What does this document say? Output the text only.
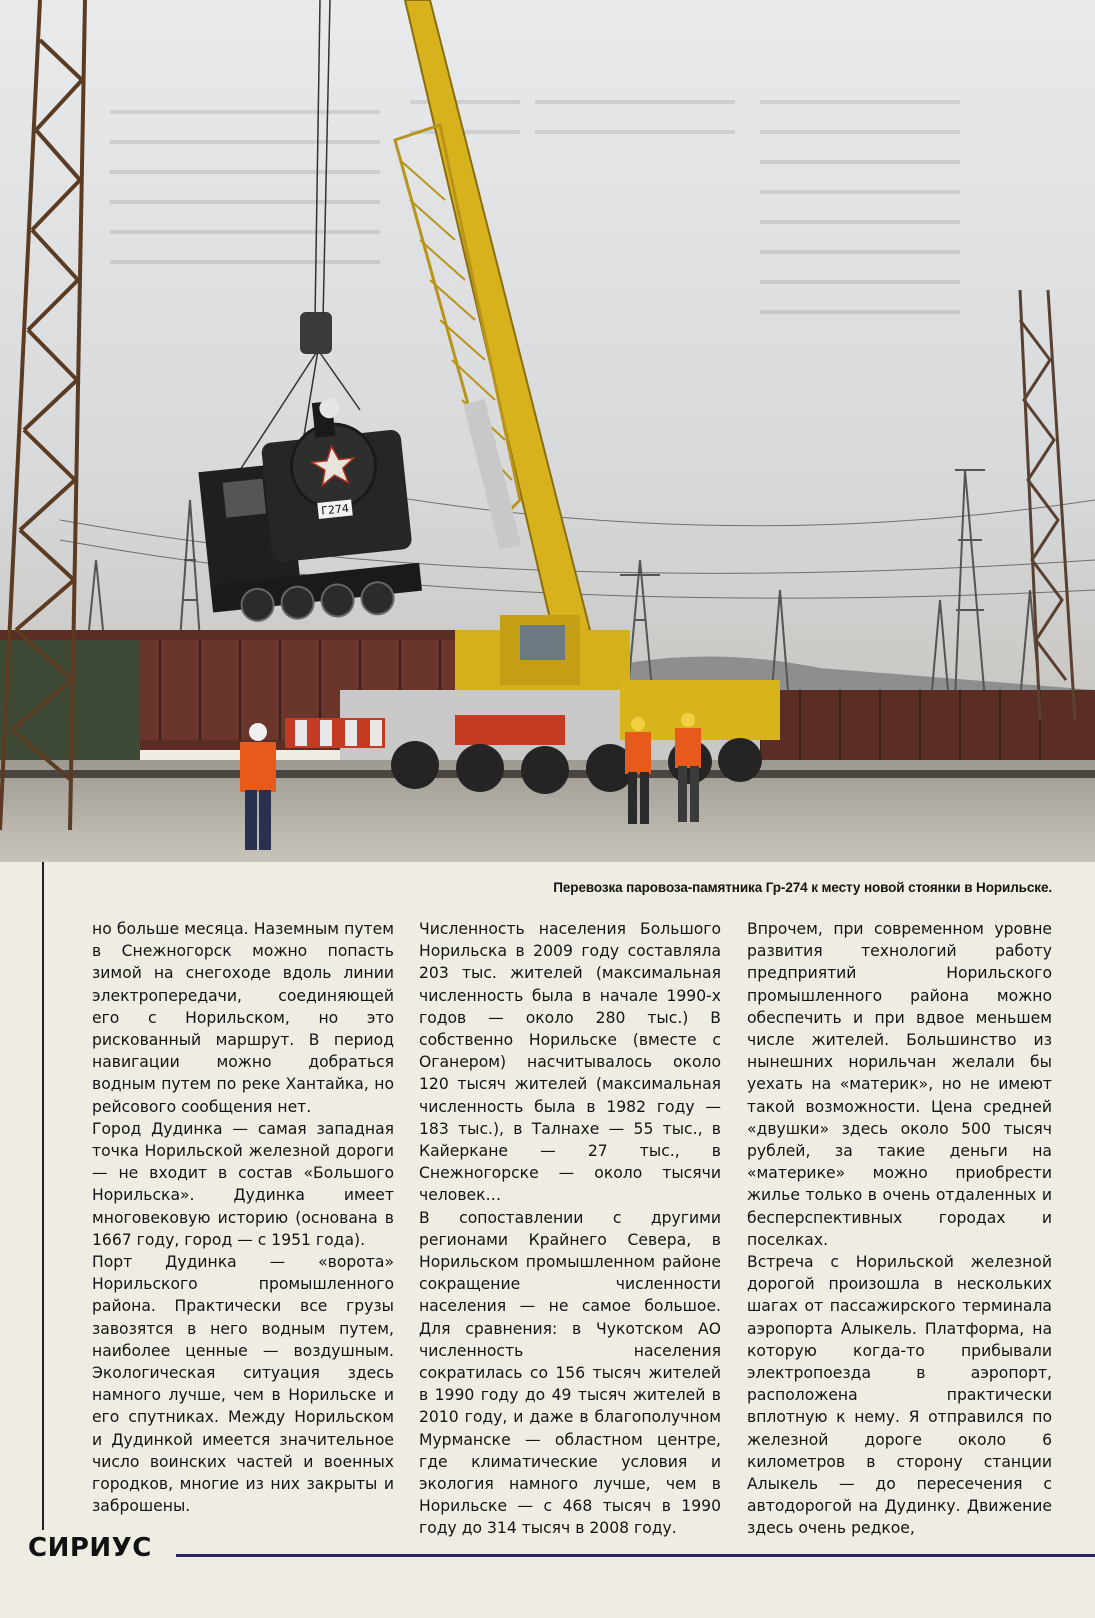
Г274
Перевозка паровоза-памятника Гр-274 к месту новой стоянки в Норильске.

но больше месяца. Наземным путем в Снежногорск можно попасть зимой на снегоходе вдоль линии электропередачи, соединяющей его с Норильском, но это рискованный маршрут. В период навигации можно добраться водным путем по реке Хантайка, но рейсового сообщения нет.

Город Дудинка — самая западная точка Норильской железной дороги — не входит в состав «Большого Норильска». Дудинка имеет многовековую историю (основана в 1667 году, город — с 1951 года).

Порт Дудинка — «ворота» Норильского промышленного района. Практически все грузы завозятся в него водным путем, наиболее ценные — воздушным. Экологическая ситуация здесь намного лучше, чем в Норильске и его спутниках. Между Норильском и Дудинкой имеется значительное число воинских частей и военных городков, многие из них закрыты и заброшены.

Численность населения Большого Норильска в 2009 году составляла 203 тыс. жителей (максимальная численность была в начале 1990-х годов — около 280 тыс.) В собственно Норильске (вместе с Оганером) насчитывалось около 120 тысяч жителей (максимальная численность была в 1982 году — 183 тыс.), в Талнахе — 55 тыс., в Кайеркане — 27 тыс., в Снежногорске — около тысячи человек…

В сопоставлении с другими регионами Крайнего Севера, в Норильском промышленном районе сокращение численности населения — не самое большое. Для сравнения: в Чукотском АО численность населения сократилась со 156 тысяч жителей в 1990 году до 49 тысяч жителей в 2010 году, и даже в благополучном Мурманске — областном центре, где климатические условия и экология намного лучше, чем в Норильске — с 468 тысяч в 1990 году до 314 тысяч в 2008 году.

Впрочем, при современном уровне развития технологий работу предприятий Норильского промышленного района можно обеспечить и при вдвое меньшем числе жителей. Большинство из нынешних норильчан желали бы уехать на «материк», но не имеют такой возможности. Цена средней «двушки» здесь около 500 тысяч рублей, за такие деньги на «материке» можно приобрести жилье только в очень отдаленных и бесперспективных городах и поселках.

Встреча с Норильской железной дорогой произошла в нескольких шагах от пассажирского терминала аэропорта Алыкель. Платформа, на которую когда-то прибывали электропоезда в аэропорт, расположена практически вплотную к нему. Я отправился по железной дороге около 6 километров в сторону станции Алыкель — до пересечения с автодорогой на Дудинку. Движение здесь очень редкое,

СИРИУС
